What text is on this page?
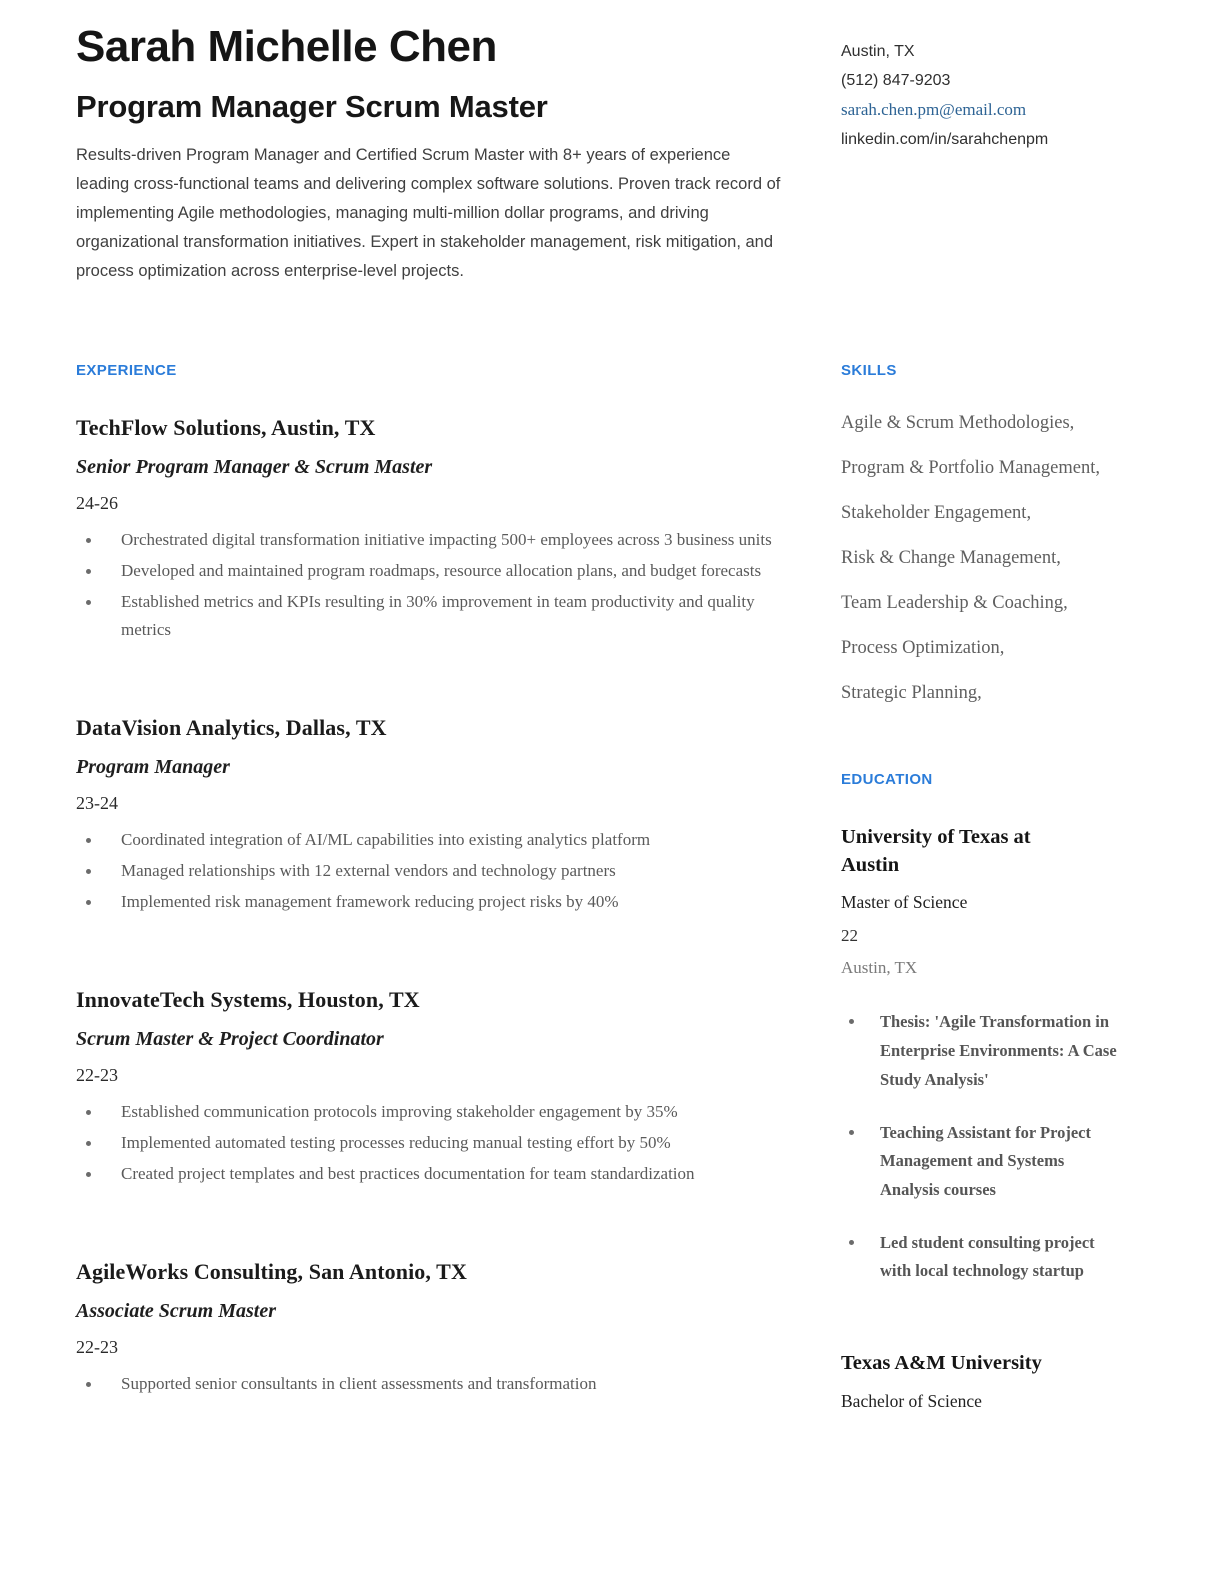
Sarah Michelle Chen
Program Manager Scrum Master
Results-driven Program Manager and Certified Scrum Master with 8+ years of experience leading cross-functional teams and delivering complex software solutions. Proven track record of implementing Agile methodologies, managing multi-million dollar programs, and driving organizational transformation initiatives. Expert in stakeholder management, risk mitigation, and process optimization across enterprise-level projects.
Austin, TX
(512) 847-9203
sarah.chen.pm@email.com
linkedin.com/in/sarahchenpm
EXPERIENCE
TechFlow Solutions, Austin, TX
Senior Program Manager & Scrum Master
24-26
Orchestrated digital transformation initiative impacting 500+ employees across 3 business units
Developed and maintained program roadmaps, resource allocation plans, and budget forecasts
Established metrics and KPIs resulting in 30% improvement in team productivity and quality metrics
DataVision Analytics, Dallas, TX
Program Manager
23-24
Coordinated integration of AI/ML capabilities into existing analytics platform
Managed relationships with 12 external vendors and technology partners
Implemented risk management framework reducing project risks by 40%
InnovateTech Systems, Houston, TX
Scrum Master & Project Coordinator
22-23
Established communication protocols improving stakeholder engagement by 35%
Implemented automated testing processes reducing manual testing effort by 50%
Created project templates and best practices documentation for team standardization
AgileWorks Consulting, San Antonio, TX
Associate Scrum Master
22-23
Supported senior consultants in client assessments and transformation
SKILLS
Agile & Scrum Methodologies,
Program & Portfolio Management,
Stakeholder Engagement,
Risk & Change Management,
Team Leadership & Coaching,
Process Optimization,
Strategic Planning,
EDUCATION
University of Texas at Austin
Master of Science
22
Austin, TX
Thesis: 'Agile Transformation in Enterprise Environments: A Case Study Analysis'
Teaching Assistant for Project Management and Systems Analysis courses
Led student consulting project with local technology startup
Texas A&M University
Bachelor of Science
